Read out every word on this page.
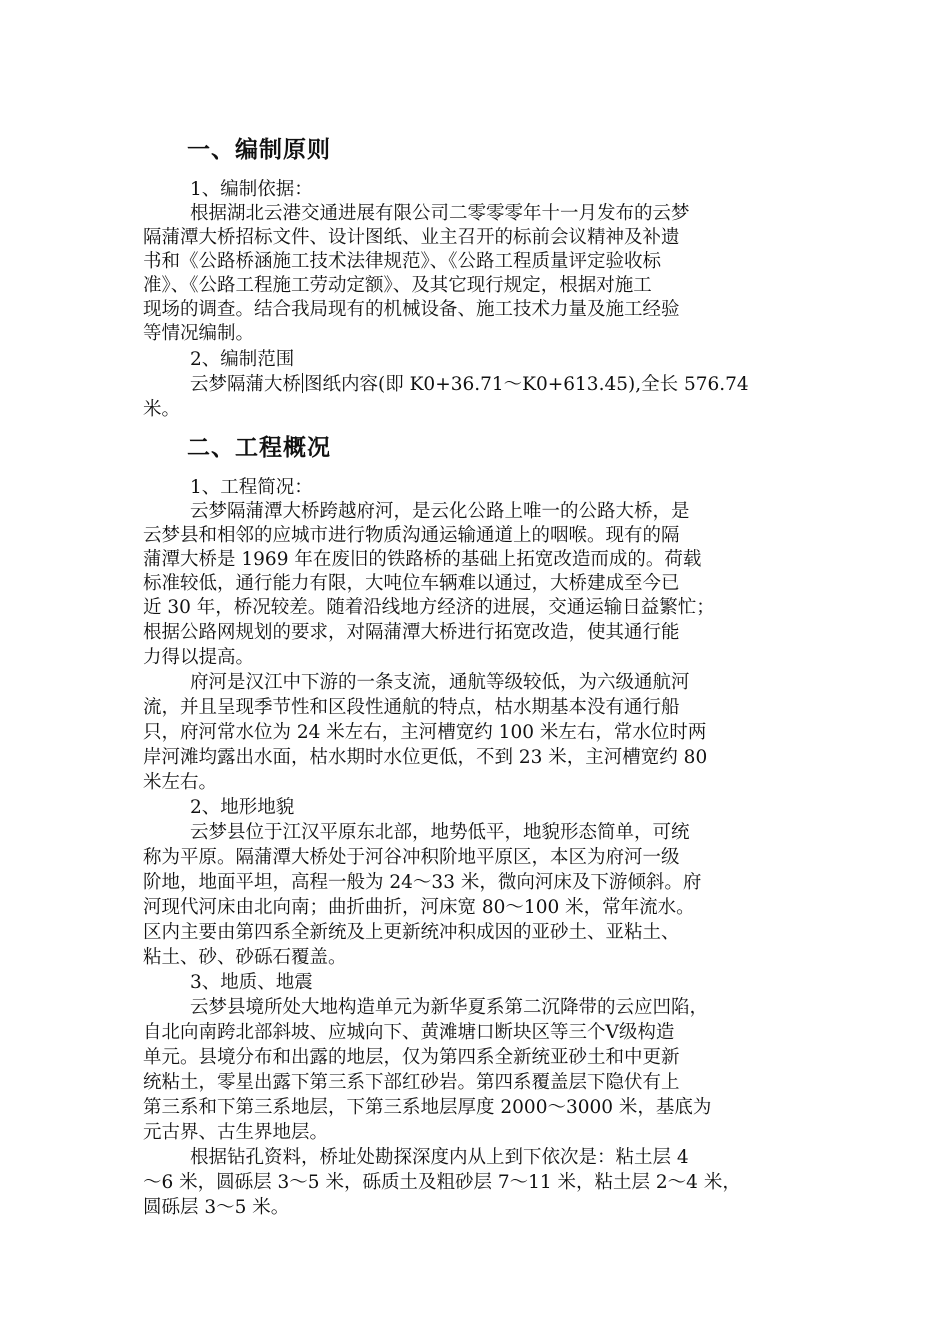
一、编制原则
1、编制依据：
根据湖北云港交通进展有限公司二零零零年十一月发布的云梦
隔蒲潭大桥招标文件、设计图纸、业主召开的标前会议精神及补遗
书和《公路桥涵施工技术法律规范》、《公路工程质量评定验收标
准》、《公路工程施工劳动定额》、及其它现行规定，根据对施工
现场的调查。结合我局现有的机械设备、施工技术力量及施工经验
等情况编制。
2、编制范围
云梦隔蒲大桥 图纸内容(即 K0+36.71～K0+613.45),全长 576.74
米。
二、工程概况
1、工程简况：
云梦隔蒲潭大桥跨越府河，是云化公路上唯一的公路大桥，是
云梦县和相邻的应城市进行物质沟通运输通道上的咽喉。现有的隔
蒲潭大桥是 1969 年在废旧的铁路桥的基础上拓宽改造而成的。荷载
标准较低，通行能力有限，大吨位车辆难以通过，大桥建成至今已
近 30 年，桥况较差。随着沿线地方经济的进展，交通运输日益繁忙；
根据公路网规划的要求，对隔蒲潭大桥进行拓宽改造，使其通行能
力得以提高。
府河是汉江中下游的一条支流，通航等级较低，为六级通航河
流，并且呈现季节性和区段性通航的特点，枯水期基本没有通行船
只，府河常水位为 24 米左右，主河槽宽约 100 米左右，常水位时两
岸河滩均露出水面，枯水期时水位更低，不到 23 米，主河槽宽约 80
米左右。
2、地形地貌
云梦县位于江汉平原东北部，地势低平，地貌形态简单，可统
称为平原。隔蒲潭大桥处于河谷冲积阶地平原区，本区为府河一级
阶地，地面平坦，高程一般为 24～33 米，微向河床及下游倾斜。府
河现代河床由北向南；曲折曲折，河床宽 80～100 米，常年流水。
区内主要由第四系全新统及上更新统冲积成因的亚砂土、亚粘土、
粘土、砂、砂砾石覆盖。
3、地质、地震
云梦县境所处大地构造单元为新华夏系第二沉降带的云应凹陷，
自北向南跨北部斜坡、应城向下、黄滩塘口断块区等三个Ⅴ级构造
单元。县境分布和出露的地层，仅为第四系全新统亚砂土和中更新
统粘土，零星出露下第三系下部红砂岩。第四系覆盖层下隐伏有上
第三系和下第三系地层，下第三系地层厚度 2000～3000 米，基底为
元古界、古生界地层。
根据钻孔资料，桥址处勘探深度内从上到下依次是：粘土层 4
～6 米，圆砾层 3～5 米，砾质土及粗砂层 7～11 米，粘土层 2～4 米，
圆砾层 3～5 米。
